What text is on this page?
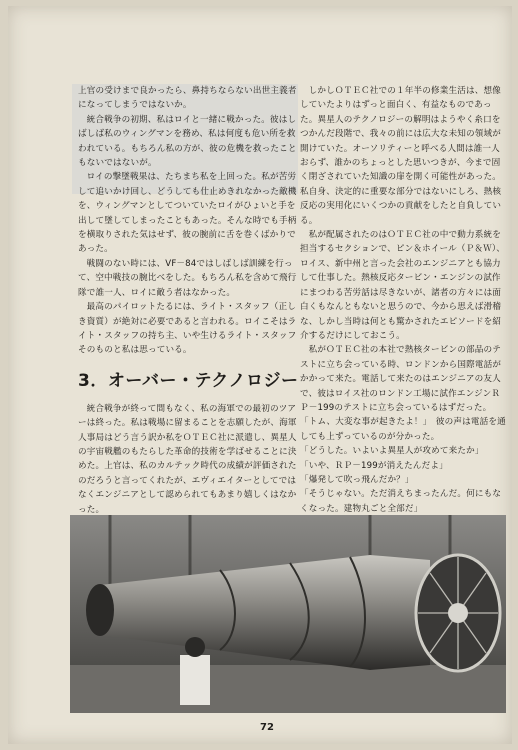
上官の受けまで良かったら、鼻持ちならない出世主義者になってしまうではないか。

統合戦争の初期、私はロイと一緒に戦かった。彼はしばしば私のウィングマンを務め、私は何度も危い所を救われている。もちろん私の方が、彼の危機を救ったこともないではないが。

ロイの撃墜戦果は、たちまち私を上回った。私が苦労して追いかけ回し、どうしても仕止めきれなかった敵機を、ウィングマンとしてついていたロイがひょいと手を出して墜してしまったこともあった。そんな時でも手柄を横取りされた気はせず、彼の腕前に舌を巻くばかりであった。

戦闘のない時には、VF－84ではしばしば訓練を行って、空中戦技の腕比べをした。もちろん私を含めて飛行隊で誰一人、ロイに敵う者はなかった。

最高のパイロットたるには、ライト・スタッフ（正しき資質）が絶対に必要であると言われる。ロイこそはライト・スタッフの持ち主、いや生けるライト・スタッフそのものと私は思っている。

3．オーバー・テクノロジー

統合戦争が終って間もなく、私の海軍での最初のツアーは終った。私は戦場に留まることを志願したが、海軍人事局はどう言う訳か私をＯＴＥＣ社に派遣し、異星人の宇宙戦艦のもたらした革命的技術を学ばせることに決めた。上官は、私のカルテック時代の成績が評価されたのだろうと言ってくれたが、エヴィエイターとしてではなくエンジニアとして認められてもあまり嬉しくはなかった。

しかしＯＴＥＣ社での１年半の修業生活は、想像していたよりはずっと面白く、有益なものであった。異星人のテクノロジーの解明はようやく糸口をつかんだ段階で、我々の前には広大な未知の領域が開けていた。オーソリティーと呼べる人間は誰一人おらず、誰かのちょっとした思いつきが、今まで固く閉ざされていた知識の扉を開く可能性があった。私自身、決定的に重要な部分ではないにしろ、熱核反応の実用化にいくつかの貢献をしたと自負している。

私が配属されたのはＯＴＥＣ社の中で動力系統を担当するセクションで、ピン＆ホイール（Ｐ＆Ｗ）、ロイス、新中州と言った会社のエンジニアとも協力して仕事した。熱核反応タービン・エンジンの試作にまつわる苦労話は尽きないが、諸者の方々には面白くもなんともないと思うので、今から思えば滑稽な、しかし当時は何とも驚かされたエピソードを紹介するだけにしておこう。

私がＯＴＥＣ社の本社で熱核タービンの部品のテストに立ち会っている時、ロンドンから国際電話がかかって来た。電話して来たのはエンジニアの友人で、彼はロイス社のロンドン工場に試作エンジンＲＰ－199のテストに立ち会っているはずだった。

「トム、大変な事が起きたよ！」　彼の声は電話を通しても上ずっているのが分かった。

「どうした。いよいよ異星人が攻めて来たか」

「いや、ＲＰ－199が消えたんだよ」

「爆発して吹っ飛んだか？」

「そうじゃない。ただ消えちまったんだ。何にもなくなった。建物丸ごと全部だ」

72
